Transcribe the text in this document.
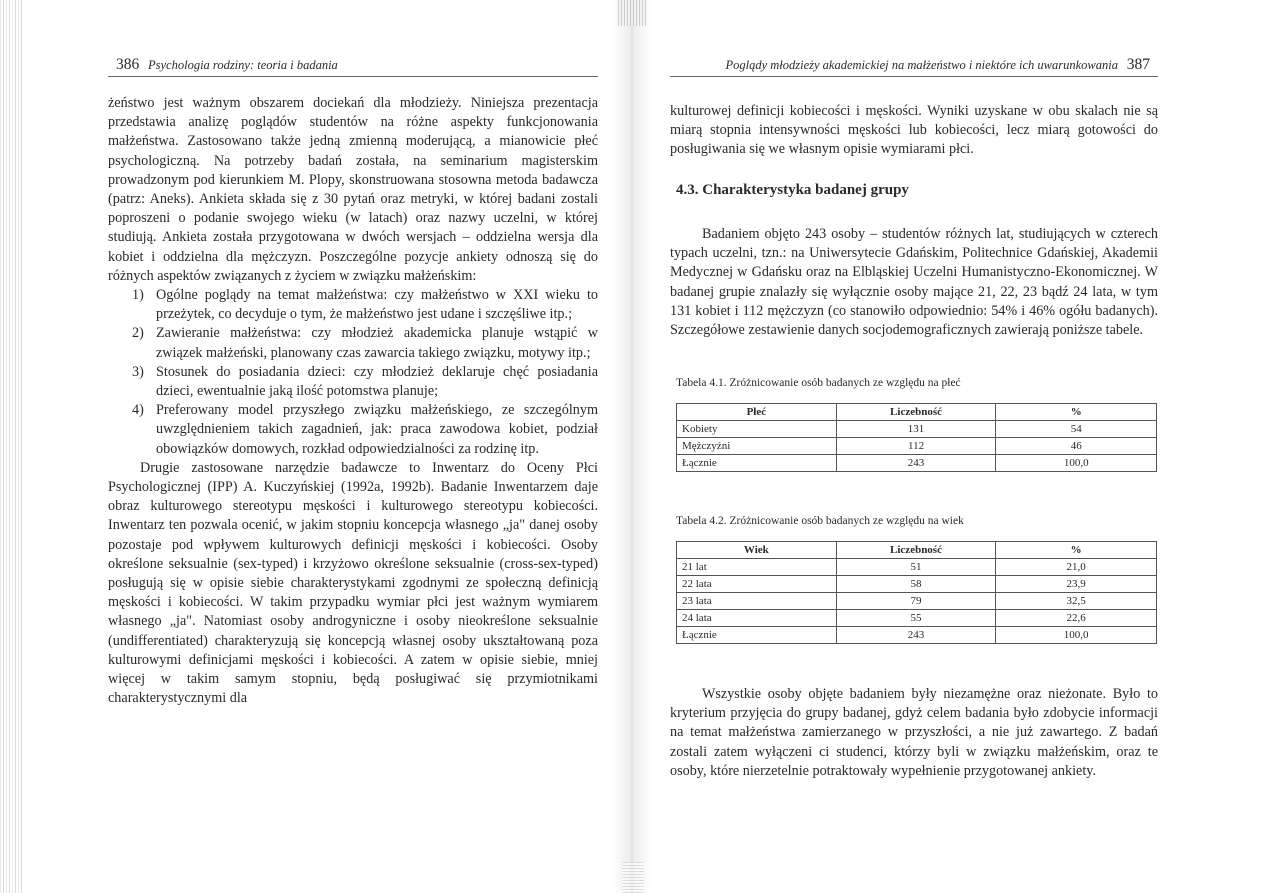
386 Psychologia rodziny: teoria i badania

żeństwo jest ważnym obszarem dociekań dla młodzieży. Niniejsza prezentacja przedstawia analizę poglądów studentów na różne aspekty funkcjonowania małżeństwa. Zastosowano także jedną zmienną moderującą, a mianowicie płeć psychologiczną. Na potrzeby badań została, na seminarium magisterskim prowadzonym pod kierunkiem M. Plopy, skonstruowana stosowna metoda badawcza (patrz: Aneks). Ankieta składa się z 30 pytań oraz metryki, w której badani zostali poproszeni o podanie swojego wieku (w latach) oraz nazwy uczelni, w której studiują. Ankieta została przygotowana w dwóch wersjach – oddzielna wersja dla kobiet i oddzielna dla mężczyzn. Poszczególne pozycje ankiety odnoszą się do różnych aspektów związanych z życiem w związku małżeńskim:

1) Ogólne poglądy na temat małżeństwa: czy małżeństwo w XXI wieku to przeżytek, co decyduje o tym, że małżeństwo jest udane i szczęśliwe itp.;
2) Zawieranie małżeństwa: czy młodzież akademicka planuje wstąpić w związek małżeński, planowany czas zawarcia takiego związku, motywy itp.;
3) Stosunek do posiadania dzieci: czy młodzież deklaruje chęć posiadania dzieci, ewentualnie jaką ilość potomstwa planuje;
4) Preferowany model przyszłego związku małżeńskiego, ze szczególnym uwzględnieniem takich zagadnień, jak: praca zawodowa kobiet, podział obowiązków domowych, rozkład odpowiedzialności za rodzinę itp.

Drugie zastosowane narzędzie badawcze to Inwentarz do Oceny Płci Psychologicznej (IPP) A. Kuczyńskiej (1992a, 1992b). Badanie Inwentarzem daje obraz kulturowego stereotypu męskości i kulturowego stereotypu kobiecości. Inwentarz ten pozwala ocenić, w jakim stopniu koncepcja własnego „ja" danej osoby pozostaje pod wpływem kulturowych definicji męskości i kobiecości. Osoby określone seksualnie (sex-typed) i krzyżowo określone seksualnie (cross-sex-typed) posługują się w opisie siebie charakterystykami zgodnymi ze społeczną definicją męskości i kobiecości. W takim przypadku wymiar płci jest ważnym wymiarem własnego „ja". Natomiast osoby androgyniczne i osoby nieokreślone seksualnie (undifferentiated) charakteryzują się koncepcją własnej osoby ukształtowaną poza kulturowymi definicjami męskości i kobiecości. A zatem w opisie siebie, mniej więcej w takim samym stopniu, będą posługiwać się przymiotnikami charakterystycznymi dla

Poglądy młodzieży akademickiej na małżeństwo i niektóre ich uwarunkowania 387

kulturowej definicji kobiecości i męskości. Wyniki uzyskane w obu skalach nie są miarą stopnia intensywności męskości lub kobiecości, lecz miarą gotowości do posługiwania się we własnym opisie wymiarami płci.

4.3. Charakterystyka badanej grupy

Badaniem objęto 243 osoby – studentów różnych lat, studiujących w czterech typach uczelni, tzn.: na Uniwersytecie Gdańskim, Politechnice Gdańskiej, Akademii Medycznej w Gdańsku oraz na Elbląskiej Uczelni Humanistyczno-Ekonomicznej. W badanej grupie znalazły się wyłącznie osoby mające 21, 22, 23 bądź 24 lata, w tym 131 kobiet i 112 mężczyzn (co stanowiło odpowiednio: 54% i 46% ogółu badanych). Szczegółowe zestawienie danych socjodemograficznych zawierają poniższe tabele.

Tabela 4.1. Zróżnicowanie osób badanych ze względu na płeć

Płeć	Liczebność	%
Kobiety	131	54
Mężczyźni	112	46
Łącznie	243	100,0

Tabela 4.2. Zróżnicowanie osób badanych ze względu na wiek

Wiek	Liczebność	%
21 lat	51	21,0
22 lata	58	23,9
23 lata	79	32,5
24 lata	55	22,6
Łącznie	243	100,0

Wszystkie osoby objęte badaniem były niezamężne oraz nieżonate. Było to kryterium przyjęcia do grupy badanej, gdyż celem badania było zdobycie informacji na temat małżeństwa zamierzanego w przyszłości, a nie już zawartego. Z badań zostali zatem wyłączeni ci studenci, którzy byli w związku małżeńskim, oraz te osoby, które nierzetelnie potraktowały wypełnienie przygotowanej ankiety.
